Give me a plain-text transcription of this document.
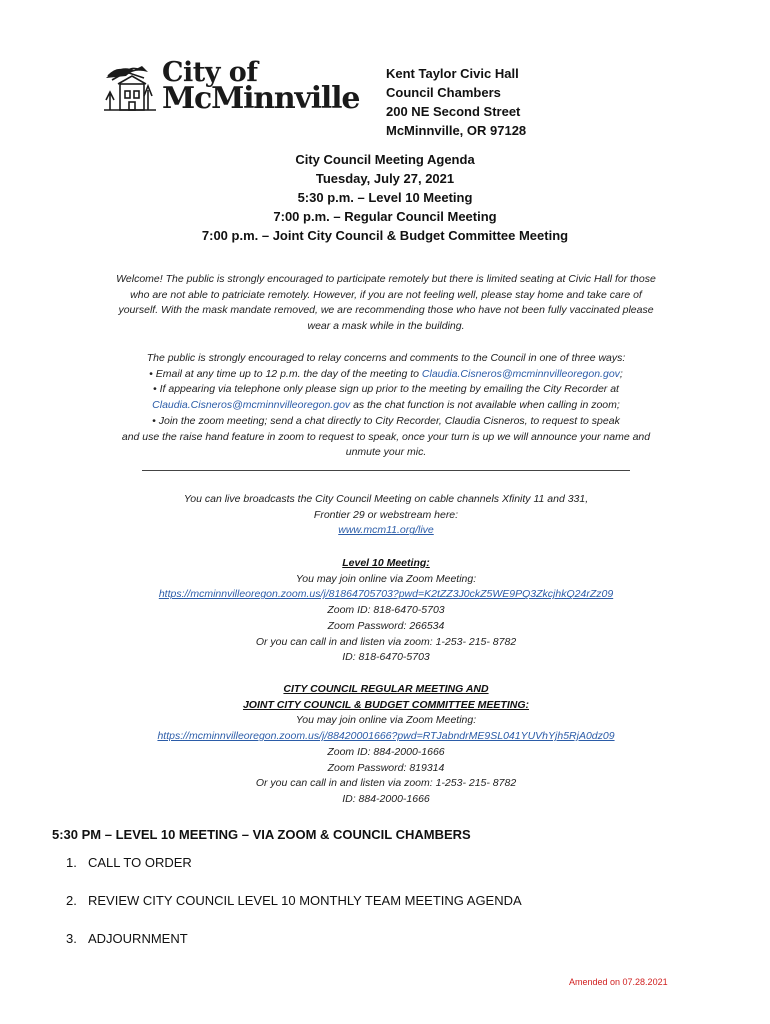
City of
McMinnville
Kent Taylor Civic Hall
Council Chambers
200 NE Second Street
McMinnville, OR 97128
City Council Meeting Agenda
Tuesday, July 27, 2021
5:30 p.m. – Level 10 Meeting
7:00 p.m. – Regular Council Meeting
7:00 p.m. – Joint City Council & Budget Committee Meeting

Welcome! The public is strongly encouraged to participate remotely but there is limited seating at Civic Hall for those

who are not able to patriciate remotely. However, if you are not feeling well, please stay home and take care of

yourself. With the mask mandate removed, we are recommending those who have not been fully vaccinated please

wear a mask while in the building.

The public is strongly encouraged to relay concerns and comments to the Council in one of three ways:

• Email at any time up to 12 p.m. the day of the meeting to Claudia.Cisneros@mcminnvilleoregon.gov;

• If appearing via telephone only please sign up prior to the meeting by emailing the City Recorder at

Claudia.Cisneros@mcminnvilleoregon.gov as the chat function is not available when calling in zoom;

• Join the zoom meeting; send a chat directly to City Recorder, Claudia Cisneros, to request to speak

and use the raise hand feature in zoom to request to speak, once your turn is up we will announce your name and

unmute your mic.

You can live broadcasts the City Council Meeting on cable channels Xfinity 11 and 331,

Frontier 29 or webstream here:

www.mcm11.org/live

Level 10 Meeting:

You may join online via Zoom Meeting:

https://mcminnvilleoregon.zoom.us/j/81864705703?pwd=K2tZZ3J0ckZ5WE9PQ3ZkcjhkQ24rZz09

Zoom ID: 818-6470-5703

Zoom Password: 266534

Or you can call in and listen via zoom: 1-253- 215- 8782

ID: 818-6470-5703

CITY COUNCIL REGULAR MEETING AND

JOINT CITY COUNCIL & BUDGET COMMITTEE MEETING:

You may join online via Zoom Meeting:

https://mcminnvilleoregon.zoom.us/j/88420001666?pwd=RTJabndrME9SL041YUVhYjh5RjA0dz09

Zoom ID: 884-2000-1666

Zoom Password: 819314

Or you can call in and listen via zoom: 1-253- 215- 8782

ID: 884-2000-1666

5:30 PM – LEVEL 10 MEETING – VIA ZOOM & COUNCIL CHAMBERS
1. CALL TO ORDER
2. REVIEW CITY COUNCIL LEVEL 10 MONTHLY TEAM MEETING AGENDA
3. ADJOURNMENT
Amended on 07.28.2021
